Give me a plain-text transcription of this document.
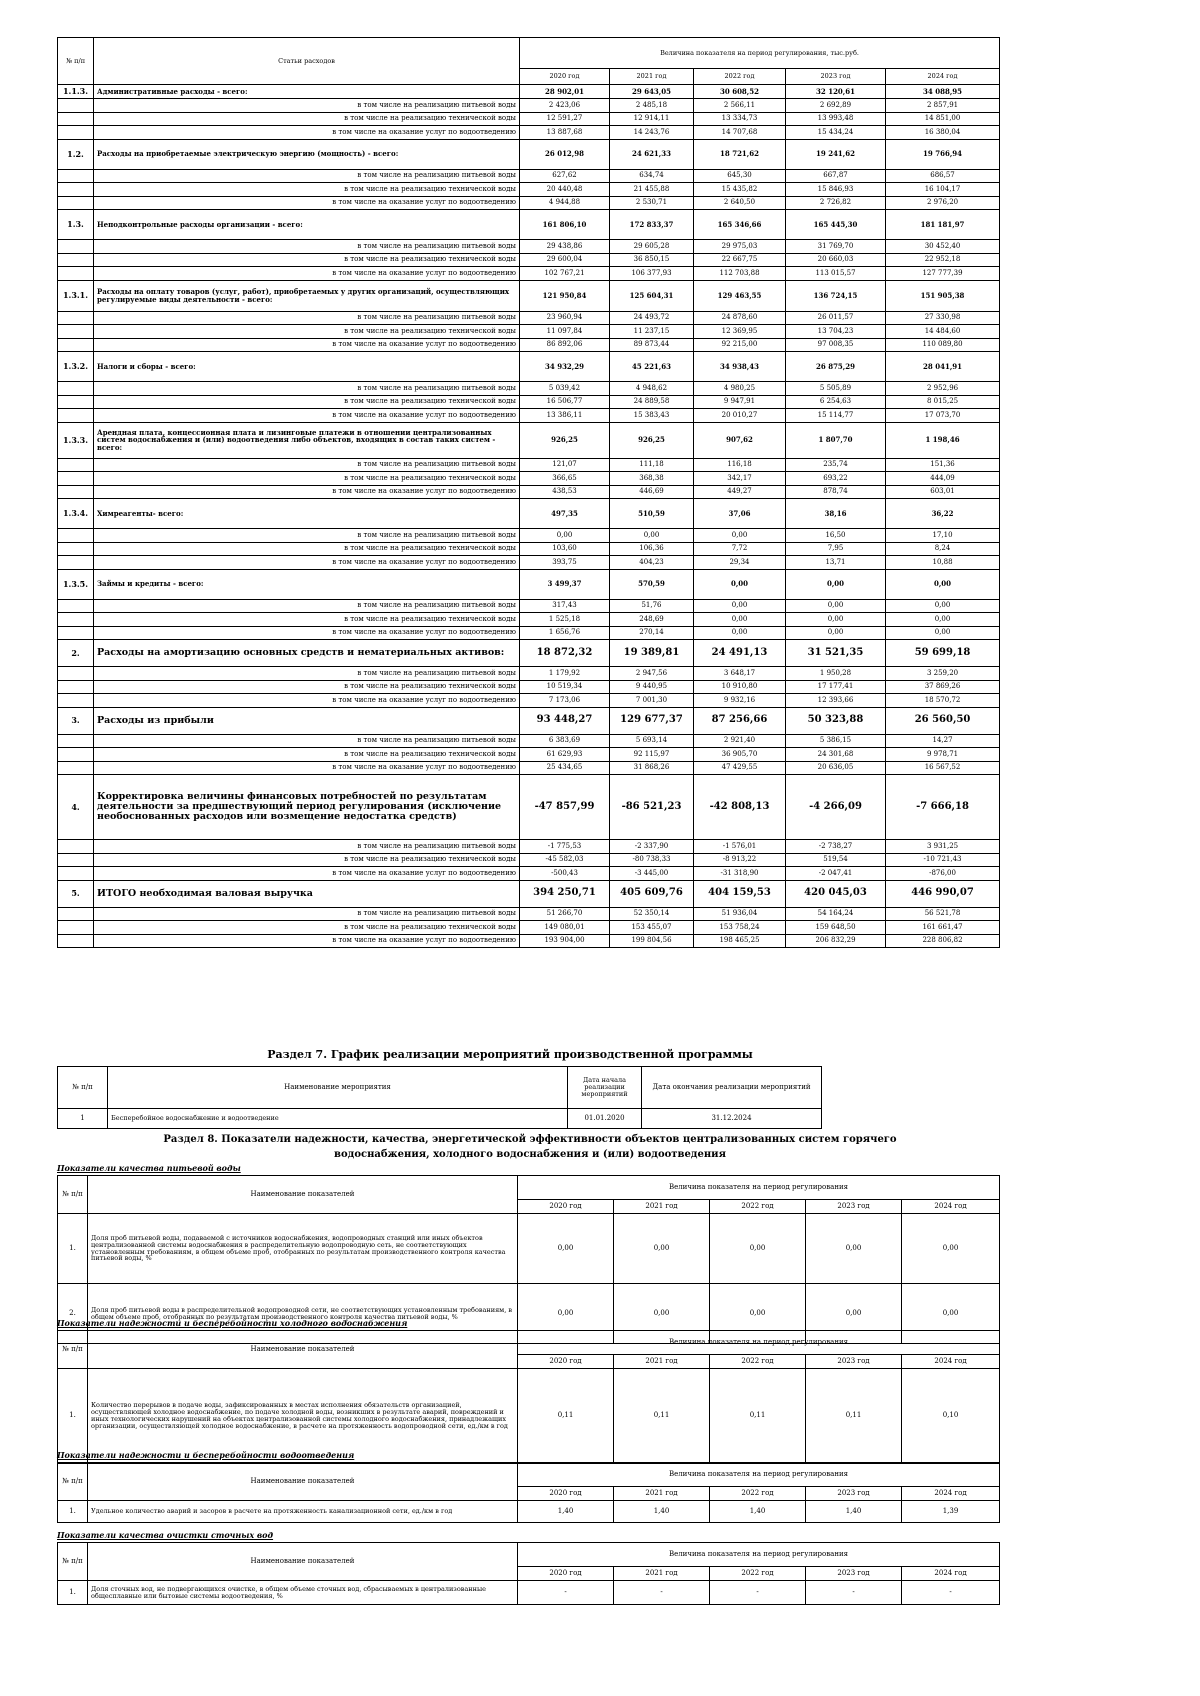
№ п/п	Статьи расходов	Величина показателя на период регулирования, тыс.руб.				
		2020 год	2021 год	2022 год	2023 год	2024 год
1.1.3.	Административные расходы - всего:	28 902,01	29 643,05	30 608,52	32 120,61	34 088,95
	в том числе на реализацию питьевой воды	2 423,06	2 485,18	2 566,11	2 692,89	2 857,91
	в том числе на реализацию технической воды	12 591,27	12 914,11	13 334,73	13 993,48	14 851,00
	в том числе на оказание услуг по водоотведению	13 887,68	14 243,76	14 707,68	15 434,24	16 380,04
1.2.	Расходы на приобретаемые электрическую энергию (мощность) - всего:	26 012,98	24 621,33	18 721,62	19 241,62	19 766,94
	в том числе на реализацию питьевой воды	627,62	634,74	645,30	667,87	686,57
	в том числе на реализацию технической воды	20 440,48	21 455,88	15 435,82	15 846,93	16 104,17
	в том числе на оказание услуг по водоотведению	4 944,88	2 530,71	2 640,50	2 726,82	2 976,20
1.3.	Неподконтрольные расходы организации - всего:	161 806,10	172 833,37	165 346,66	165 445,30	181 181,97
	в том числе на реализацию питьевой воды	29 438,86	29 605,28	29 975,03	31 769,70	30 452,40
	в том числе на реализацию технической воды	29 600,04	36 850,15	22 667,75	20 660,03	22 952,18
	в том числе на оказание услуг по водоотведению	102 767,21	106 377,93	112 703,88	113 015,57	127 777,39
1.3.1.	Расходы на оплату товаров (услуг, работ), приобретаемых у других организаций, осуществляющих регулируемые виды деятельности - всего:	121 950,84	125 604,31	129 463,55	136 724,15	151 905,38
	в том числе на реализацию питьевой воды	23 960,94	24 493,72	24 878,60	26 011,57	27 330,98
	в том числе на реализацию технической воды	11 097,84	11 237,15	12 369,95	13 704,23	14 484,60
	в том числе на оказание услуг по водоотведению	86 892,06	89 873,44	92 215,00	97 008,35	110 089,80
1.3.2.	Налоги и сборы - всего:	34 932,29	45 221,63	34 938,43	26 875,29	28 041,91
	в том числе на реализацию питьевой воды	5 039,42	4 948,62	4 980,25	5 505,89	2 952,96
	в том числе на реализацию технической воды	16 506,77	24 889,58	9 947,91	6 254,63	8 015,25
	в том числе на оказание услуг по водоотведению	13 386,11	15 383,43	20 010,27	15 114,77	17 073,70
1.3.3.	Арендная плата, концессионная плата и лизинговые платежи в отношении централизованных систем водоснабжения и (или) водоотведения либо объектов, входящих в состав таких систем - всего:	926,25	926,25	907,62	1 807,70	1 198,46
	в том числе на реализацию питьевой воды	121,07	111,18	116,18	235,74	151,36
	в том числе на реализацию технической воды	366,65	368,38	342,17	693,22	444,09
	в том числе на оказание услуг по водоотведению	438,53	446,69	449,27	878,74	603,01
1.3.4.	Химреагенты- всего:	497,35	510,59	37,06	38,16	36,22
	в том числе на реализацию питьевой воды	0,00	0,00	0,00	16,50	17,10
	в том числе на реализацию технической воды	103,60	106,36	7,72	7,95	8,24
	в том числе на оказание услуг по водоотведению	393,75	404,23	29,34	13,71	10,88
1.3.5.	Займы и кредиты - всего:	3 499,37	570,59	0,00	0,00	0,00
	в том числе на реализацию питьевой воды	317,43	51,76	0,00	0,00	0,00
	в том числе на реализацию технической воды	1 525,18	248,69	0,00	0,00	0,00
	в том числе на оказание услуг по водоотведению	1 656,76	270,14	0,00	0,00	0,00
2.	Расходы на амортизацию основных средств и нематериальных активов:	18 872,32	19 389,81	24 491,13	31 521,35	59 699,18
	в том числе на реализацию питьевой воды	1 179,92	2 947,56	3 648,17	1 950,28	3 259,20
	в том числе на реализацию технической воды	10 519,34	9 440,95	10 910,80	17 177,41	37 869,26
	в том числе на оказание услуг по водоотведению	7 173,06	7 001,30	9 932,16	12 393,66	18 570,72
3.	Расходы из прибыли	93 448,27	129 677,37	87 256,66	50 323,88	26 560,50
	в том числе на реализацию питьевой воды	6 383,69	5 693,14	2 921,40	5 386,15	14,27
	в том числе на реализацию технической воды	61 629,93	92 115,97	36 905,70	24 301,68	9 978,71
	в том числе на оказание услуг по водоотведению	25 434,65	31 868,26	47 429,55	20 636,05	16 567,52
4.	Корректировка величины финансовых потребностей по результатам деятельности за предшествующий период регулирования (исключение необоснованных расходов или возмещение недостатка средств)	-47 857,99	-86 521,23	-42 808,13	-4 266,09	-7 666,18
	в том числе на реализацию питьевой воды	-1 775,53	-2 337,90	-1 576,01	-2 738,27	3 931,25
	в том числе на реализацию технической воды	-45 582,03	-80 738,33	-8 913,22	519,54	-10 721,43
	в том числе на оказание услуг по водоотведению	-500,43	-3 445,00	-31 318,90	-2 047,41	-876,00
5.	ИТОГО необходимая валовая выручка	394 250,71	405 609,76	404 159,53	420 045,03	446 990,07
	в том числе на реализацию питьевой воды	51 266,70	52 350,14	51 936,04	54 164,24	56 521,78
	в том числе на реализацию технической воды	149 080,01	153 455,07	153 758,24	159 648,50	161 661,47
	в том числе на оказание услуг по водоотведению	193 904,00	199 804,56	198 465,25	206 832,29	228 806,82
Раздел 7. График реализации мероприятий производственной программы
№ п/п	Наименование мероприятия	Дата начала реализации мероприятий	Дата окончания реализации мероприятий
1	Бесперебойное водоснабжение и водоотведение	01.01.2020	31.12.2024
Раздел 8. Показатели надежности, качества, энергетической эффективности объектов централизованных систем горячего
водоснабжения, холодного водоснабжения и (или) водоотведения
Показатели качества питьевой воды
№ п/п	Наименование показателей	Величина показателя на период регулирования				
		2020 год	2021 год	2022 год	2023 год	2024 год
1.	Доля проб питьевой воды, подаваемой с источников водоснабжения, водопроводных станций или иных объектов централизованной системы водоснабжения в распределительную водопроводную сеть, не соответствующих установленным требованиям, в общем объеме проб, отобранных по результатам производственного контроля качества питьевой воды, %	0,00	0,00	0,00	0,00	0,00
2.	Доля проб питьевой воды в распределительной водопроводной сети, не соответствующих установленным требованиям, в общем объеме проб, отобранных по результатам производственного контроля качества питьевой воды, %	0,00	0,00	0,00	0,00	0,00
Показатели надежности и бесперебойности холодного водоснабжения
№ п/п	Наименование показателей	Величина показателя на период регулирования				
		2020 год	2021 год	2022 год	2023 год	2024 год
1.	Количество перерывов в подаче воды, зафиксированных в местах исполнения обязательств организацией, осуществляющей холодное водоснабжение, по подаче холодной воды, возникших в результате аварий, повреждений и иных технологических нарушений на объектах централизованной системы холодного водоснабжения, принадлежащих организации, осуществляющей холодное водоснабжение, в расчете на протяженность водопроводной сети, ед./км в год	0,11	0,11	0,11	0,11	0,10
Показатели надежности и бесперебойности водоотведения
№ п/п	Наименование показателей	Величина показателя на период регулирования				
		2020 год	2021 год	2022 год	2023 год	2024 год
1.	Удельное количество аварий и засоров в расчете на протяженность канализационной сети, ед./км в год	1,40	1,40	1,40	1,40	1,39
Показатели качества очистки сточных вод
№ п/п	Наименование показателей	Величина показателя на период регулирования				
		2020 год	2021 год	2022 год	2023 год	2024 год
1.	Доля сточных вод, не подвергающихся очистке, в общем объеме сточных вод, сбрасываемых в централизованные общесплавные или бытовые системы водоотведения, %	-	-	-	-	-
